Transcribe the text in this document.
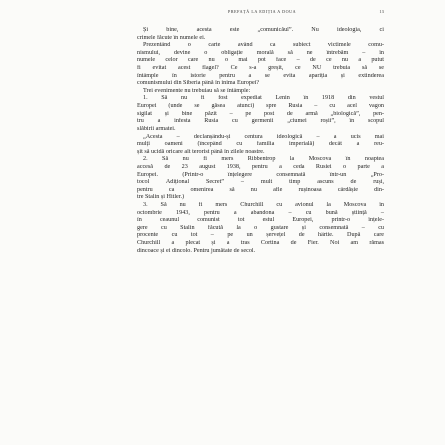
PREFAȚĂ LA EDIȚIA A DOUA	13
Și bine, acesta este „comunicăul”. Nu ideologia, ci
crimele făcute în numele ei.
Prezentând o carte având ca subiect victimele comu-
nismului, devine o obligație morală să ne întrebăm – în
numele celor care nu o mai pot face – de ce nu a putut
fi evitat acest flagel? Ce s-a greșit, ce NU trebuia să se
întâmple în istorie pentru a se evita apariția și extinderea
comunismului din Siberia până în inima Europei?
Trei evenimente nu trebuiau să se întâmple:
1. Să nu fi fost expediat Lenin în 1918 din vestul
Europei (unde se găsea atunci) spre Rusia – cu acel vagon
sigilat și bine păzit – pe post de armă „biologică”, pen-
tru a infesta Rusia cu germenii „ciumei roșii”, în scopul
slăbirii armatei.
„Acesta – declanșându-și centura ideologică – a ucis mai
mulți oameni (începând cu familia imperială) decât a reu-
șit să ucidă oricare alt terorist până în zilele noastre.
2. Să nu fi mers Ribbentrop la Moscova în noaptea
accesă de 23 august 1938, pentru a ceda Rusiei o parte a
Europei. (Printr-o înțelegere consemnată într-un „Pro-
tocol Adițional Secret” – mult timp ascuns de ruși,
pentru ca omenirea să nu afle rușinoasa cârdășie din-
tre Stalin și Hitler.)
3. Să nu fi mers Churchill cu avionul la Moscova în
octombrie 1943, pentru a abandona – cu bună știință –
în ceaunul comunist tot estul Europei, printr-o înțele-
gere cu Stalin făcută la o gustare și consemnată – cu
procente cu tot – pe un șervețel de hârtie. După care
Churchill a plecat și a tras Cortina de Fier. Noi am rămas
dincoace și ei dincolo. Pentru jumătate de secol.
